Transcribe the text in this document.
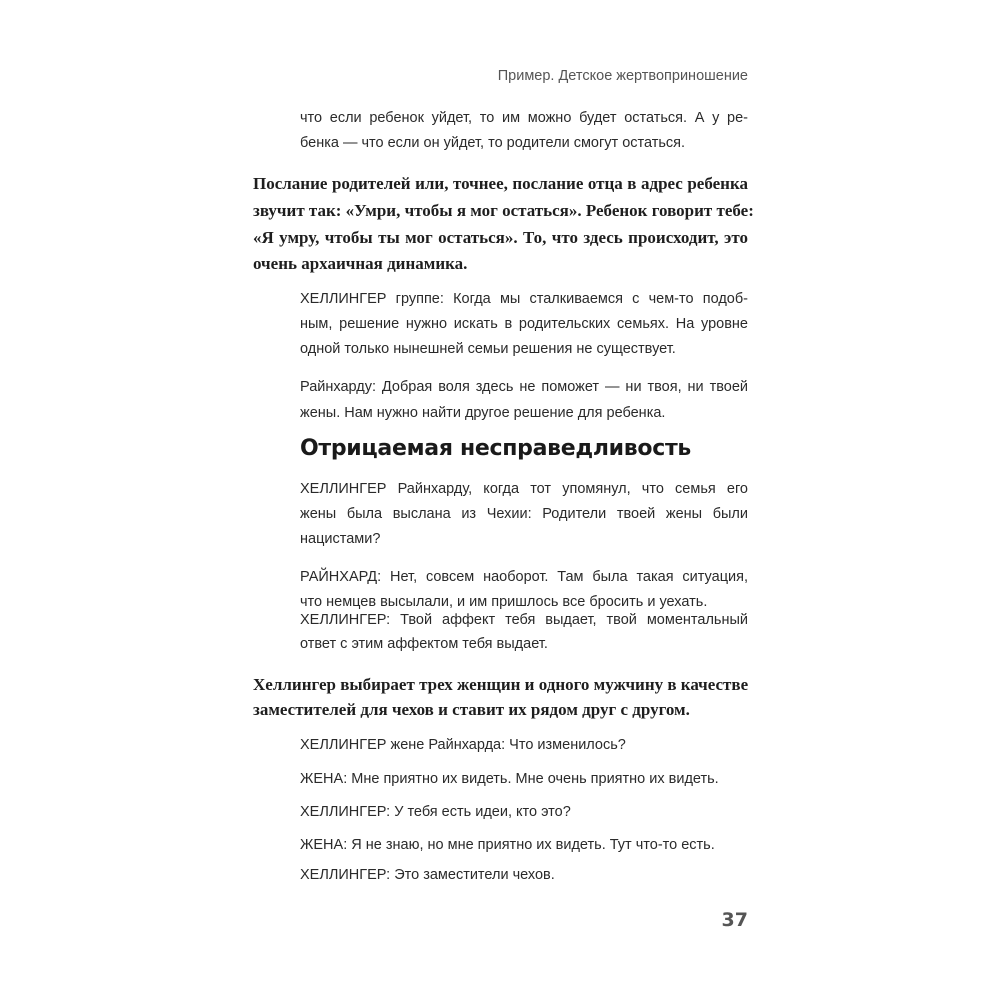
Пример. Детское жертвоприношение
что если ребенок уйдет, то им можно будет остаться. А у ре-
бенка — что если он уйдет, то родители смогут остаться.
Послание родителей или, точнее, послание отца в адрес ребенка
звучит так: «Умри, чтобы я мог остаться». Ребенок говорит тебе:
«Я умру, чтобы ты мог остаться». То, что здесь происходит, это
очень архаичная динамика.
ХЕЛЛИНГЕР группе: Когда мы сталкиваемся с чем-то подоб-
ным, решение нужно искать в родительских семьях. На уровне
одной только нынешней семьи решения не существует.
Райнхарду: Добрая воля здесь не поможет — ни твоя, ни твоей
жены. Нам нужно найти другое решение для ребенка.
Отрицаемая несправедливость
ХЕЛЛИНГЕР Райнхарду, когда тот упомянул, что семья его
жены была выслана из Чехии: Родители твоей жены были
нацистами?
РАЙНХАРД: Нет, совсем наоборот. Там была такая ситуация,
что немцев высылали, и им пришлось все бросить и уехать.
ХЕЛЛИНГЕР: Твой аффект тебя выдает, твой моментальный
ответ с этим аффектом тебя выдает.
Хеллингер выбирает трех женщин и одного мужчину в качестве
заместителей для чехов и ставит их рядом друг с другом.
ХЕЛЛИНГЕР жене Райнхарда: Что изменилось?
ЖЕНА: Мне приятно их видеть. Мне очень приятно их видеть.
ХЕЛЛИНГЕР: У тебя есть идеи, кто это?
ЖЕНА: Я не знаю, но мне приятно их видеть. Тут что-то есть.
ХЕЛЛИНГЕР: Это заместители чехов.
37
